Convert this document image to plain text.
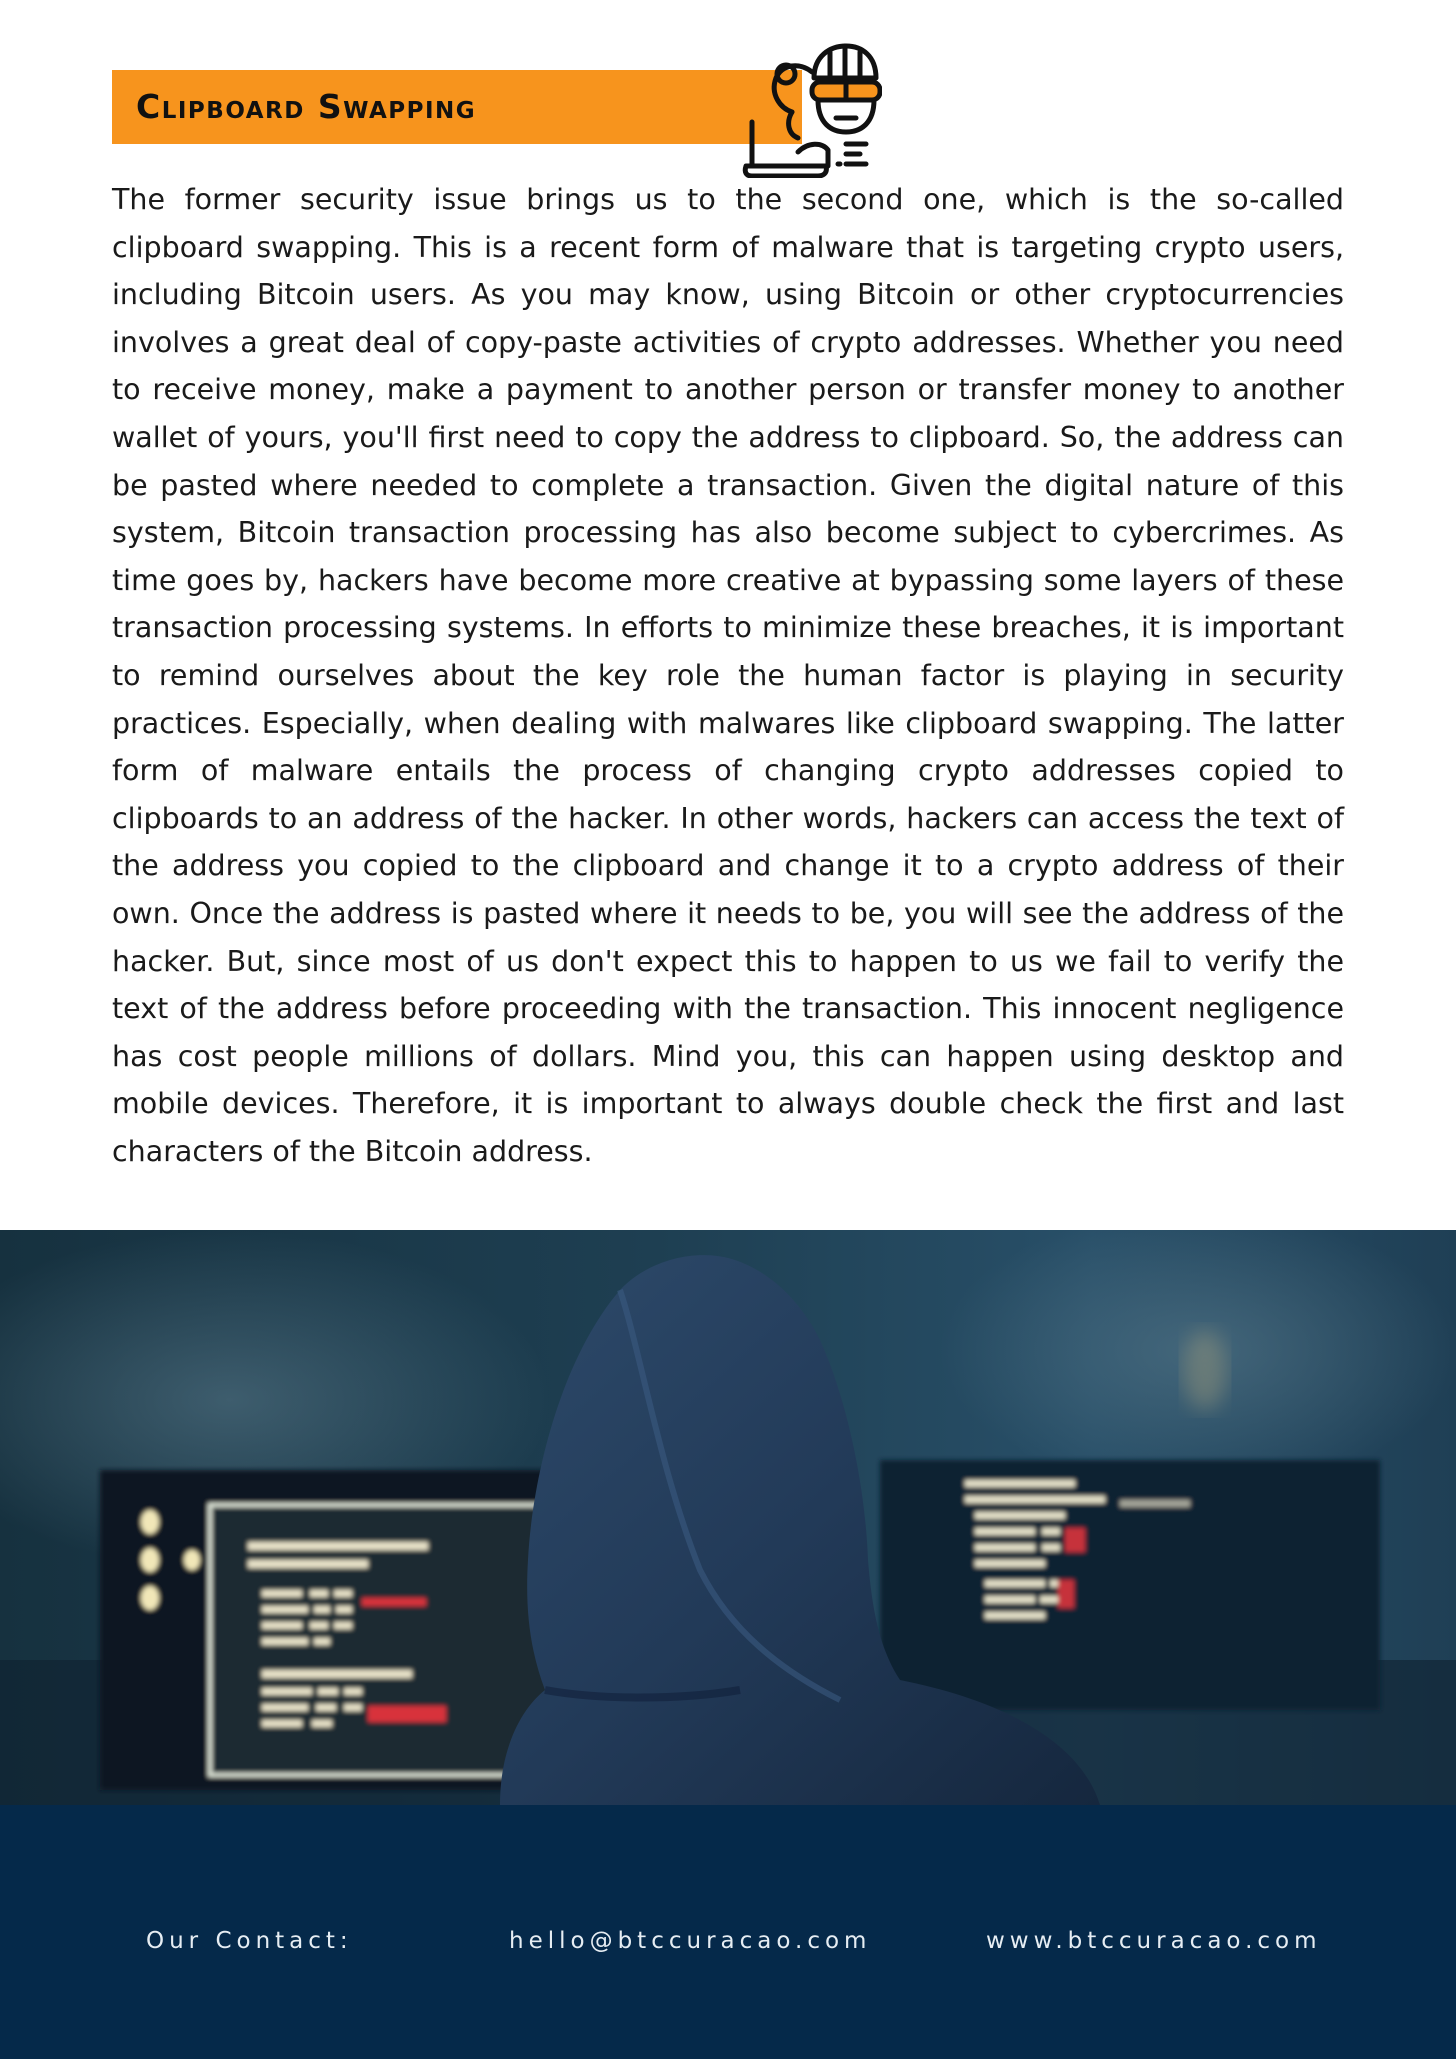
Clipboard Swapping

The former security issue brings us to the second one, which is the so-called clipboard swapping. This is a recent form of malware that is targeting crypto users, including Bitcoin users. As you may know, using Bitcoin or other cryptocurrencies involves a great deal of copy-paste activities of crypto addresses. Whether you need to receive money, make a payment to another person or transfer money to another wallet of yours, you'll first need to copy the address to clipboard. So, the address can be pasted where needed to complete a transaction. Given the digital nature of this system, Bitcoin transaction processing has also become subject to cybercrimes. As time goes by, hackers have become more creative at bypassing some layers of these transaction processing systems. In efforts to minimize these breaches, it is important to remind ourselves about the key role the human factor is playing in security practices. Especially, when dealing with malwares like clipboard swapping. The latter form of malware entails the process of changing crypto addresses copied to clipboards to an address of the hacker. In other words, hackers can access the text of the address you copied to the clipboard and change it to a crypto address of their own. Once the address is pasted where it needs to be, you will see the address of the hacker. But, since most of us don't expect this to happen to us we fail to verify the text of the address before proceeding with the transaction. This innocent negligence has cost people millions of dollars. Mind you, this can happen using desktop and mobile devices. Therefore, it is important to always double check the first and last characters of the Bitcoin address.

Our Contact:	hello@btccuracao.com	www.btccuracao.com
